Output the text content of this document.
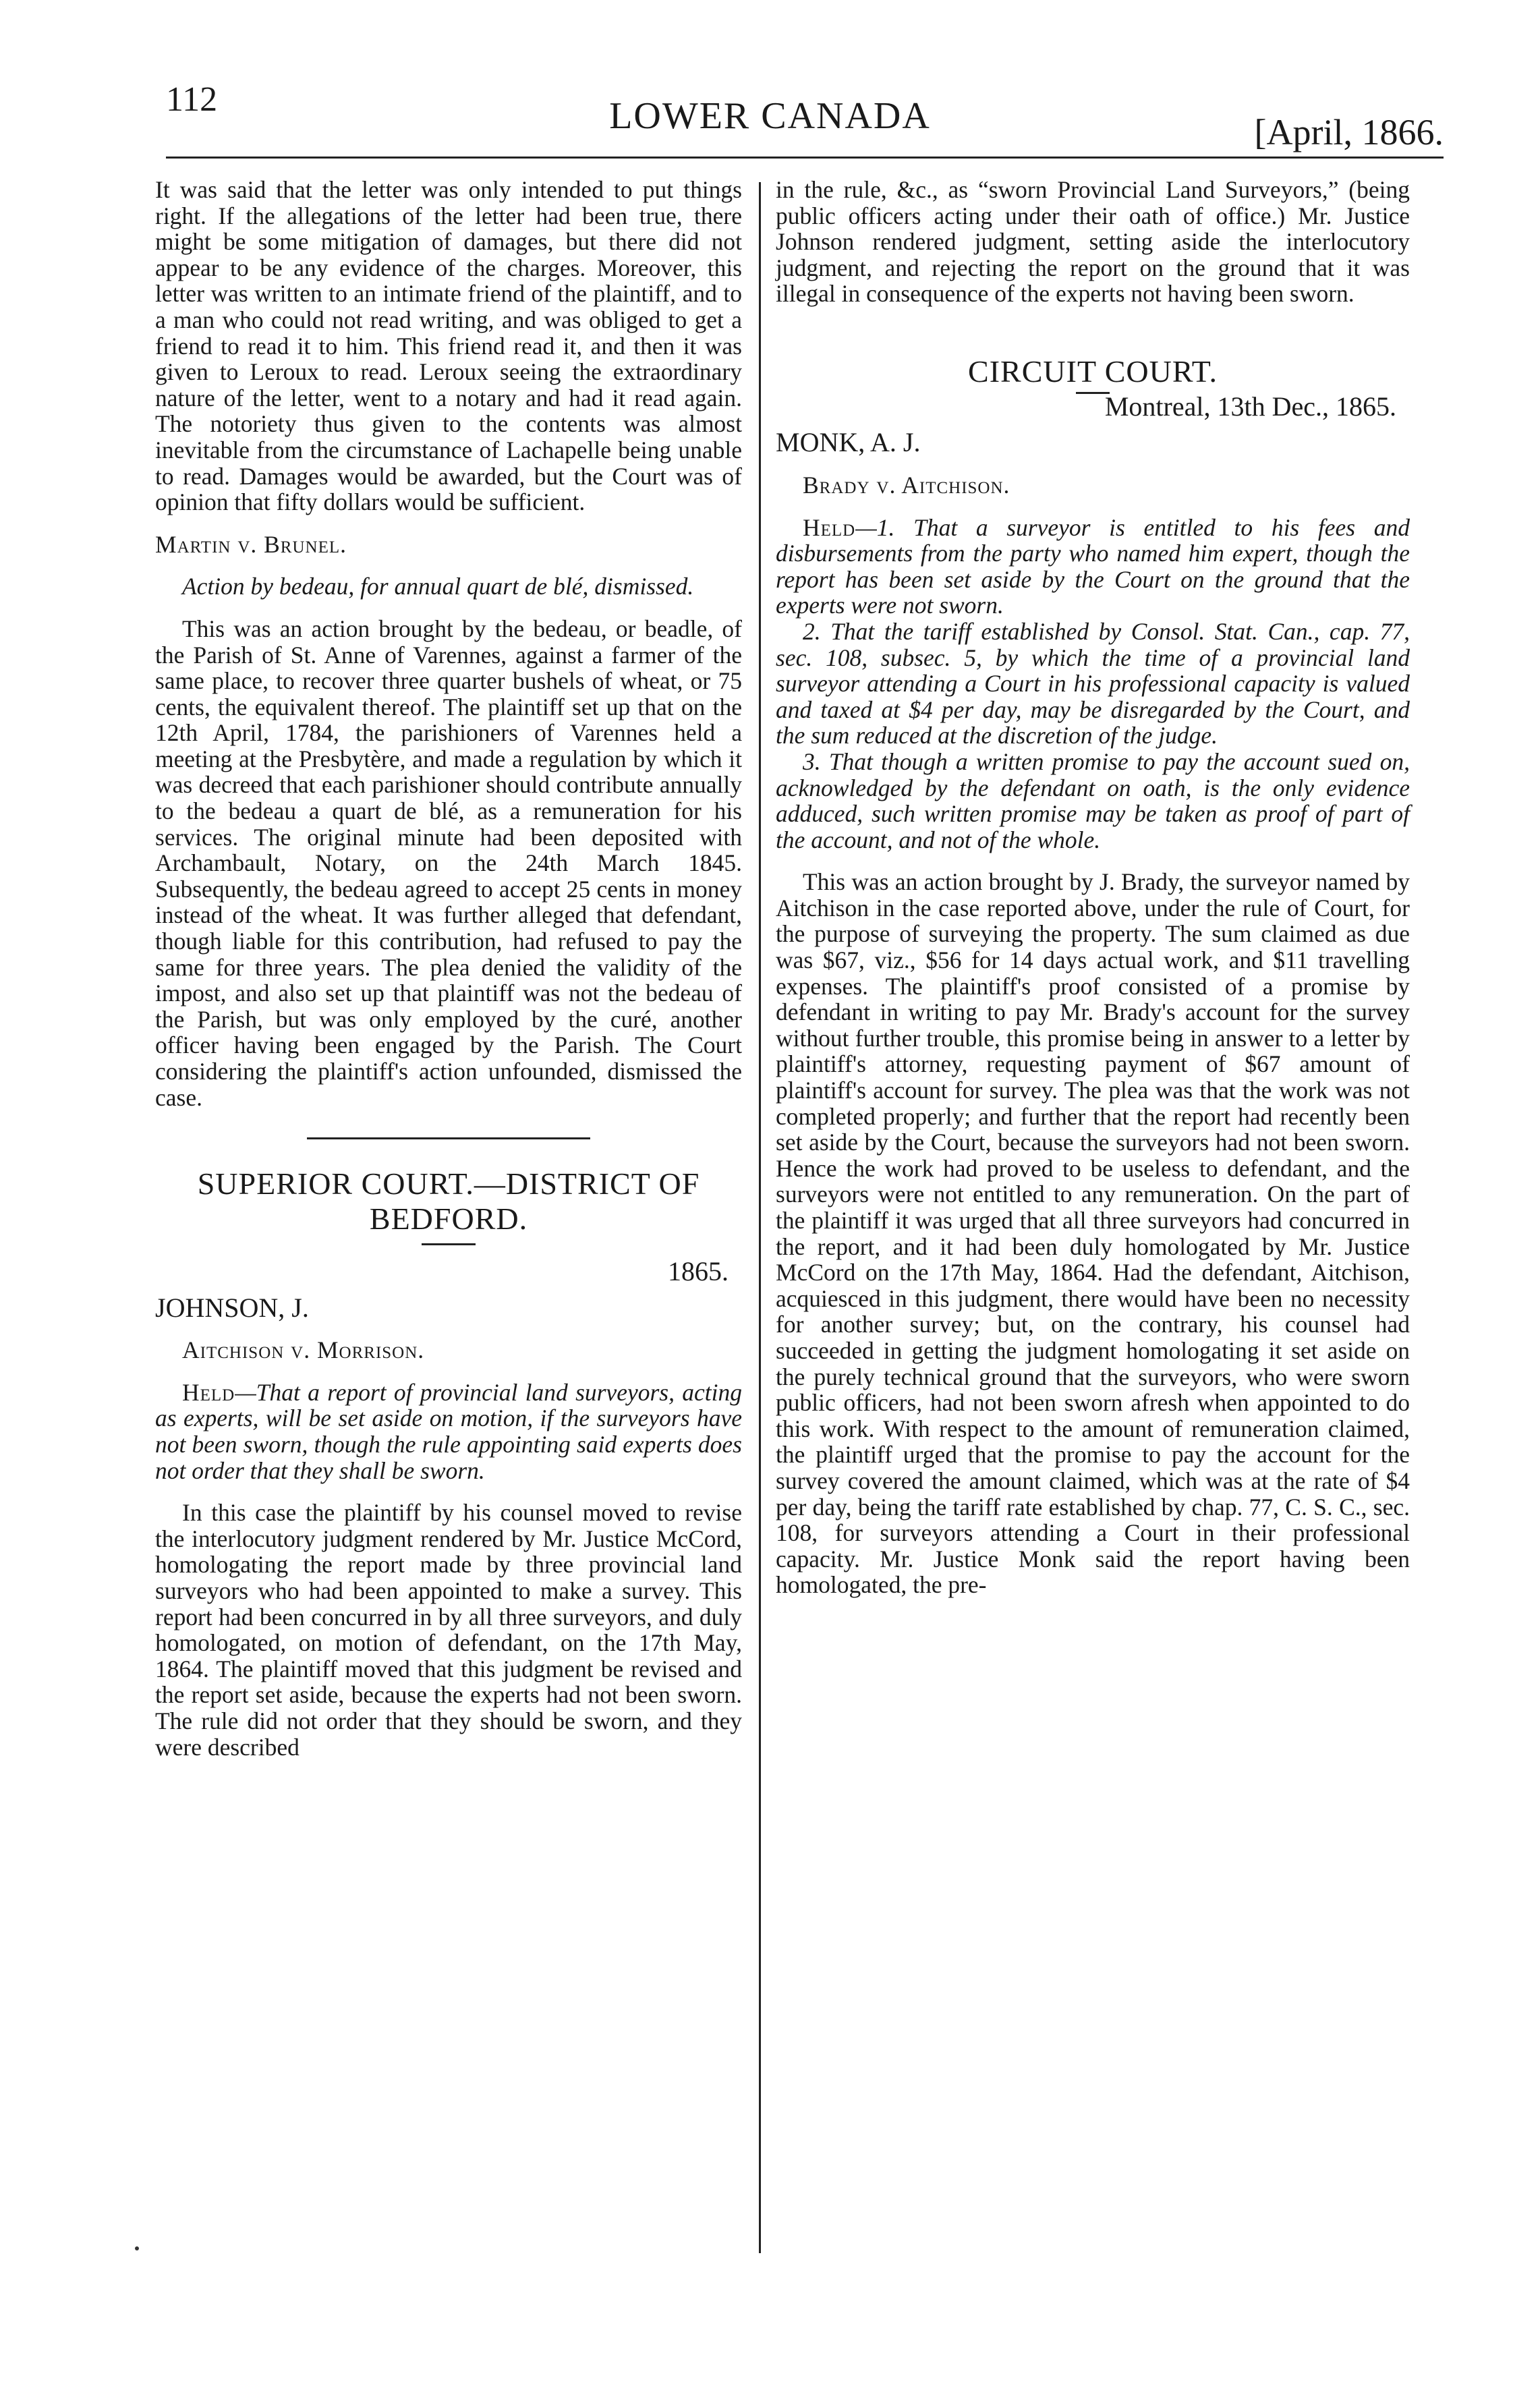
112	LOWER CANADA	[April, 1866.

It was said that the letter was only intended to put things right. If the allegations of the letter had been true, there might be some mitigation of damages, but there did not appear to be any evidence of the charges. Moreover, this letter was written to an intimate friend of the plaintiff, and to a man who could not read writing, and was obliged to get a friend to read it to him. This friend read it, and then it was given to Leroux to read. Leroux seeing the extraordinary nature of the letter, went to a notary and had it read again. The notoriety thus given to the contents was almost inevitable from the circumstance of Lachapelle being unable to read. Damages would be awarded, but the Court was of opinion that fifty dollars would be sufficient.

Martin v. Brunel.

Action by bedeau, for annual quart de blé, dismissed.

This was an action brought by the bedeau, or beadle, of the Parish of St. Anne of Varennes, against a farmer of the same place, to recover three quarter bushels of wheat, or 75 cents, the equivalent thereof. The plaintiff set up that on the 12th April, 1784, the parishioners of Varennes held a meeting at the Presbytère, and made a regulation by which it was decreed that each parishioner should contribute annually to the bedeau a quart de blé, as a remuneration for his services. The original minute had been deposited with Archambault, Notary, on the 24th March 1845. Subsequently, the bedeau agreed to accept 25 cents in money instead of the wheat. It was further alleged that defendant, though liable for this contribution, had refused to pay the same for three years. The plea denied the validity of the impost, and also set up that plaintiff was not the bedeau of the Parish, but was only employed by the curé, another officer having been engaged by the Parish. The Court considering the plaintiff's action unfounded, dismissed the case.

SUPERIOR COURT.—DISTRICT OF BEDFORD.

JOHNSON, J.
1865.

Aitchison v. Morrison.

Held—That a report of provincial land surveyors, acting as experts, will be set aside on motion, if the surveyors have not been sworn, though the rule appointing said experts does not order that they shall be sworn.

In this case the plaintiff by his counsel moved to revise the interlocutory judgment rendered by Mr. Justice McCord, homologating the report made by three provincial land surveyors who had been appointed to make a survey. This report had been concurred in by all three surveyors, and duly homologated, on motion of defendant, on the 17th May, 1864. The plaintiff moved that this judgment be revised and the report set aside, because the experts had not been sworn. The rule did not order that they should be sworn, and they were described

in the rule, &c., as “sworn Provincial Land Surveyors,” (being public officers acting under their oath of office.) Mr. Justice Johnson rendered judgment, setting aside the interlocutory judgment, and rejecting the report on the ground that it was illegal in consequence of the experts not having been sworn.

CIRCUIT COURT.

MONK, A. J.
Montreal, 13th Dec., 1865.

Brady v. Aitchison.

Held—1. That a surveyor is entitled to his fees and disbursements from the party who named him expert, though the report has been set aside by the Court on the ground that the experts were not sworn.

2. That the tariff established by Consol. Stat. Can., cap. 77, sec. 108, subsec. 5, by which the time of a provincial land surveyor attending a Court in his professional capacity is valued and taxed at $4 per day, may be disregarded by the Court, and the sum reduced at the discretion of the judge.

3. That though a written promise to pay the account sued on, acknowledged by the defendant on oath, is the only evidence adduced, such written promise may be taken as proof of part of the account, and not of the whole.

This was an action brought by J. Brady, the surveyor named by Aitchison in the case reported above, under the rule of Court, for the purpose of surveying the property. The sum claimed as due was $67, viz., $56 for 14 days actual work, and $11 travelling expenses. The plaintiff's proof consisted of a promise by defendant in writing to pay Mr. Brady's account for the survey without further trouble, this promise being in answer to a letter by plaintiff's attorney, requesting payment of $67 amount of plaintiff's account for survey. The plea was that the work was not completed properly; and further that the report had recently been set aside by the Court, because the surveyors had not been sworn. Hence the work had proved to be useless to defendant, and the surveyors were not entitled to any remuneration. On the part of the plaintiff it was urged that all three surveyors had concurred in the report, and it had been duly homologated by Mr. Justice McCord on the 17th May, 1864. Had the defendant, Aitchison, acquiesced in this judgment, there would have been no necessity for another survey; but, on the contrary, his counsel had succeeded in getting the judgment homologating it set aside on the purely technical ground that the surveyors, who were sworn public officers, had not been sworn afresh when appointed to do this work. With respect to the amount of remuneration claimed, the plaintiff urged that the promise to pay the account for the survey covered the amount claimed, which was at the rate of $4 per day, being the tariff rate established by chap. 77, C. S. C., sec. 108, for surveyors attending a Court in their professional capacity. Mr. Justice Monk said the report having been homologated, the pre-
